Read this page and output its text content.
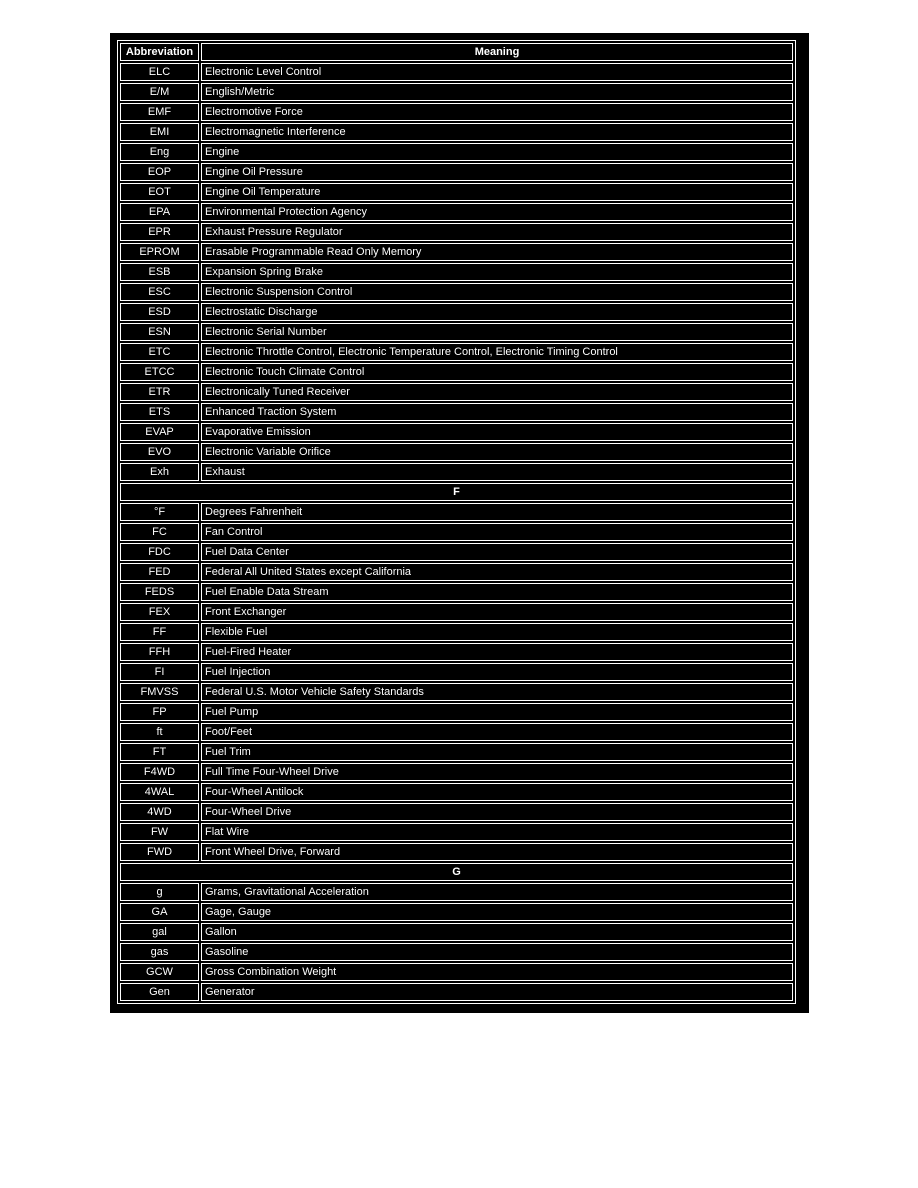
Abbreviation	Meaning
ELC	Electronic Level Control
E/M	English/Metric
EMF	Electromotive Force
EMI	Electromagnetic Interference
Eng	Engine
EOP	Engine Oil Pressure
EOT	Engine Oil Temperature
EPA	Environmental Protection Agency
EPR	Exhaust Pressure Regulator
EPROM	Erasable Programmable Read Only Memory
ESB	Expansion Spring Brake
ESC	Electronic Suspension Control
ESD	Electrostatic Discharge
ESN	Electronic Serial Number
ETC	Electronic Throttle Control, Electronic Temperature Control, Electronic Timing Control
ETCC	Electronic Touch Climate Control
ETR	Electronically Tuned Receiver
ETS	Enhanced Traction System
EVAP	Evaporative Emission
EVO	Electronic Variable Orifice
Exh	Exhaust
F	
°F	Degrees Fahrenheit
FC	Fan Control
FDC	Fuel Data Center
FED	Federal All United States except California
FEDS	Fuel Enable Data Stream
FEX	Front Exchanger
FF	Flexible Fuel
FFH	Fuel-Fired Heater
FI	Fuel Injection
FMVSS	Federal U.S. Motor Vehicle Safety Standards
FP	Fuel Pump
ft	Foot/Feet
FT	Fuel Trim
F4WD	Full Time Four-Wheel Drive
4WAL	Four-Wheel Antilock
4WD	Four-Wheel Drive
FW	Flat Wire
FWD	Front Wheel Drive, Forward
G	
g	Grams, Gravitational Acceleration
GA	Gage, Gauge
gal	Gallon
gas	Gasoline
GCW	Gross Combination Weight
Gen	Generator
